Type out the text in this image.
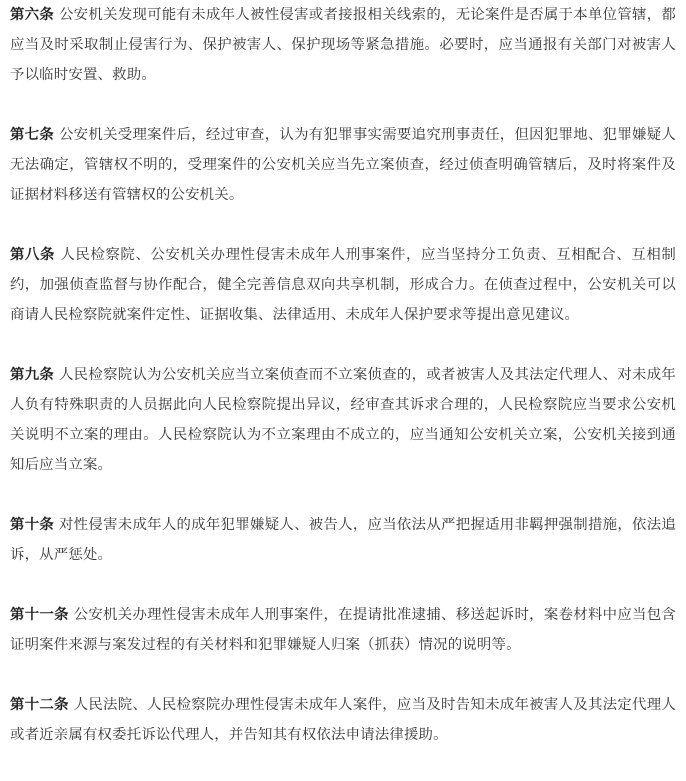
第六条 公安机关发现可能有未成年人被性侵害或者接报相关线索的，无论案件是否属于本单位管辖，都应当及时采取制止侵害行为、保护被害人、保护现场等紧急措施。必要时，应当通报有关部门对被害人予以临时安置、救助。

第七条 公安机关受理案件后，经过审查，认为有犯罪事实需要追究刑事责任，但因犯罪地、犯罪嫌疑人无法确定，管辖权不明的，受理案件的公安机关应当先立案侦查，经过侦查明确管辖后，及时将案件及证据材料移送有管辖权的公安机关。

第八条 人民检察院、公安机关办理性侵害未成年人刑事案件，应当坚持分工负责、互相配合、互相制约，加强侦查监督与协作配合，健全完善信息双向共享机制，形成合力。在侦查过程中，公安机关可以商请人民检察院就案件定性、证据收集、法律适用、未成年人保护要求等提出意见建议。

第九条 人民检察院认为公安机关应当立案侦查而不立案侦查的，或者被害人及其法定代理人、对未成年人负有特殊职责的人员据此向人民检察院提出异议，经审查其诉求合理的，人民检察院应当要求公安机关说明不立案的理由。人民检察院认为不立案理由不成立的，应当通知公安机关立案，公安机关接到通知后应当立案。

第十条 对性侵害未成年人的成年犯罪嫌疑人、被告人，应当依法从严把握适用非羁押强制措施，依法追诉，从严惩处。

第十一条 公安机关办理性侵害未成年人刑事案件，在提请批准逮捕、移送起诉时，案卷材料中应当包含证明案件来源与案发过程的有关材料和犯罪嫌疑人归案（抓获）情况的说明等。

第十二条 人民法院、人民检察院办理性侵害未成年人案件，应当及时告知未成年被害人及其法定代理人或者近亲属有权委托诉讼代理人，并告知其有权依法申请法律援助。
